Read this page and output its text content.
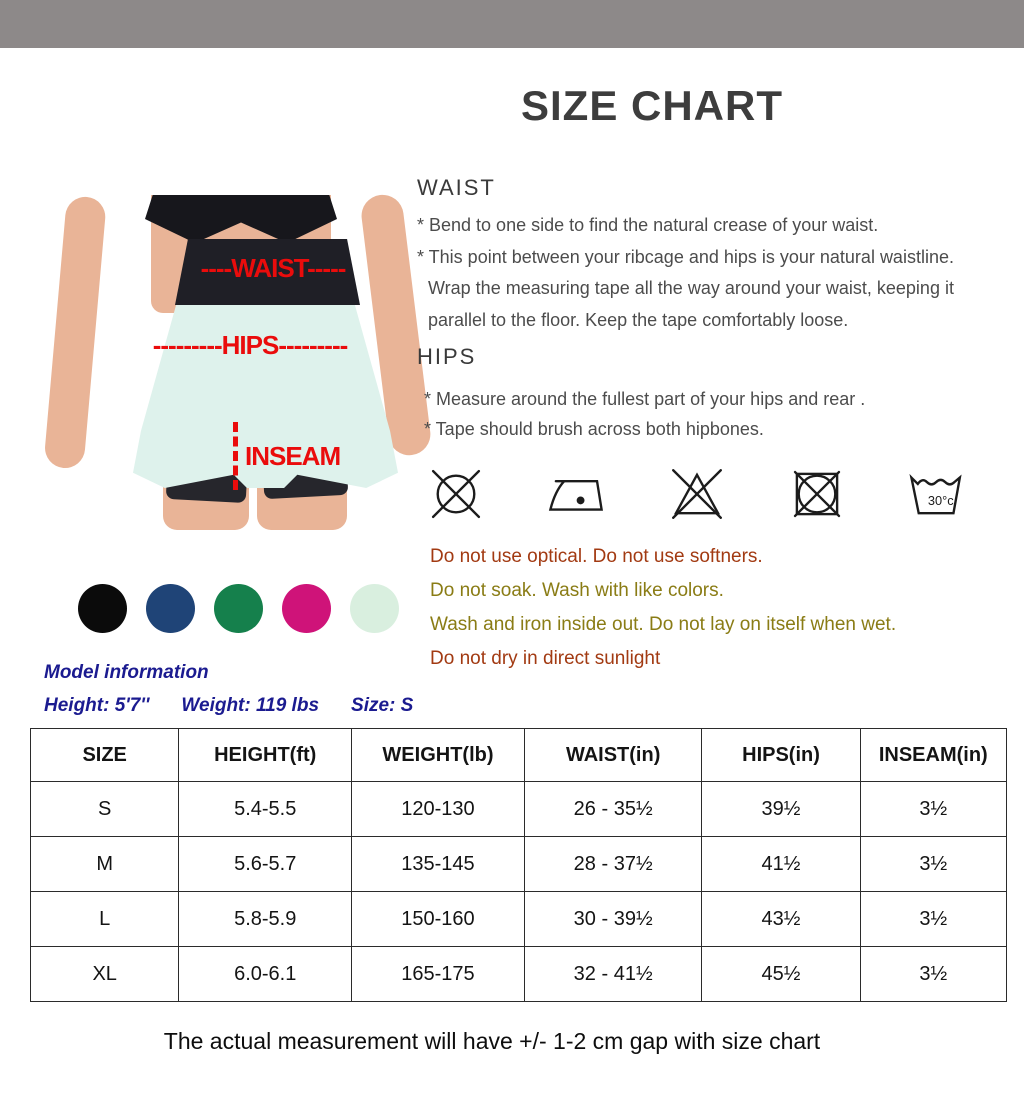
SIZE CHART
----WAIST-----
---------HIPS---------
INSEAM
WAIST
* Bend to one side to find the natural crease of your waist.
* This point between your ribcage and hips is your natural waistline.
Wrap the measuring tape all the way around your waist, keeping it
parallel to the floor. Keep the tape comfortably loose.
HIPS
* Measure around the fullest part of your hips and rear .
* Tape should brush across both hipbones.
30°c
Do not use optical. Do not use softners.
Do not soak. Wash with like colors.
Wash and iron inside out. Do not lay on itself when wet.
Do not dry in direct sunlight
Model information
Height: 5'7'' Weight: 119 lbs Size: S
SIZE	HEIGHT(ft)	WEIGHT(lb)	WAIST(in)	HIPS(in)	INSEAM(in)
S	5.4-5.5	120-130	26 - 35½	39½	3½
M	5.6-5.7	135-145	28 - 37½	41½	3½
L	5.8-5.9	150-160	30 - 39½	43½	3½
XL	6.0-6.1	165-175	32 - 41½	45½	3½
The actual measurement will have +/- 1-2 cm gap with size chart
